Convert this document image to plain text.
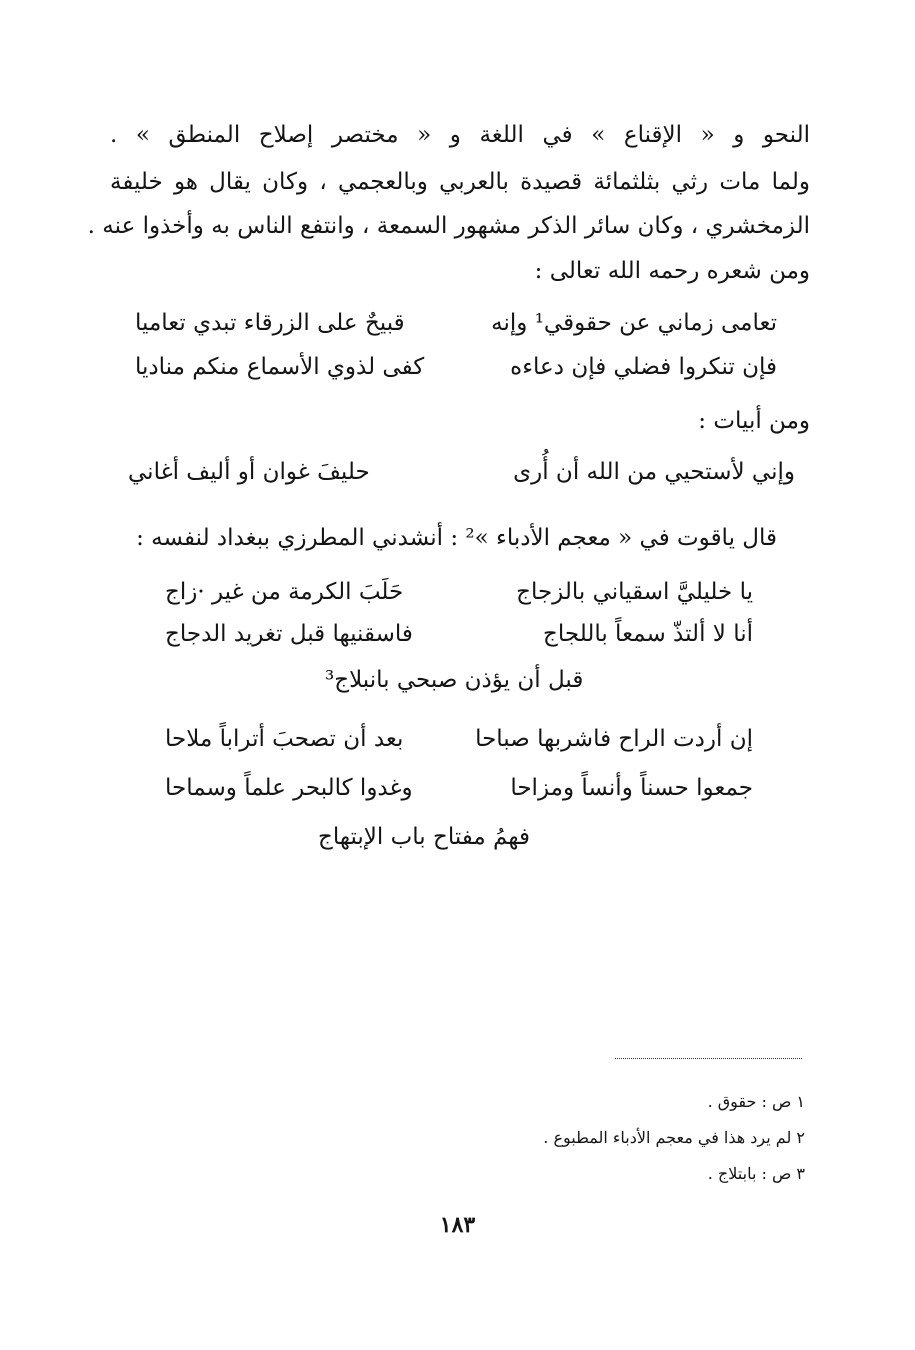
النحو و « الإقناع » في اللغة و « مختصر إصلاح المنطق » .
ولما مات رثي بثلثمائة قصيدة بالعربي وبالعجمي ، وكان يقال هو خليفة
الزمخشري ، وكان سائر الذكر مشهور السمعة ، وانتفع الناس به وأخذوا عنه .
ومن شعره رحمه الله تعالى :
تعامى زماني عن حقوقي¹ وإنه
قبيحٌ على الزرقاء تبدي تعاميا
فإن تنكروا فضلي فإن دعاءه
كفى لذوي الأسماع منكم مناديا
ومن أبيات :
وإني لأستحيي من الله أن أُرى
حليفَ غوان أو أليف أغاني
قال ياقوت في « معجم الأدباء »² : أنشدني المطرزي ببغداد لنفسه :
يا خليليَّ اسقياني بالزجاج
حَلَبَ الكرمة من غير ·زاج
أنا لا ألتذّ سمعاً باللجاج
فاسقنيها قبل تغريد الدجاج
قبل أن يؤذن صبحي بانبلاج³
إن أردت الراح فاشربها صباحا
بعد أن تصحبَ أتراباً ملاحا
جمعوا حسناً وأنساً ومزاحا
وغدوا كالبحر علماً وسماحا
فهمُ مفتاح باب الإبتهاج
١ ص : حقوق .
٢ لم يرد هذا في معجم الأدباء المطبوع .
٣ ص : بابتلاج .
١٨٣
